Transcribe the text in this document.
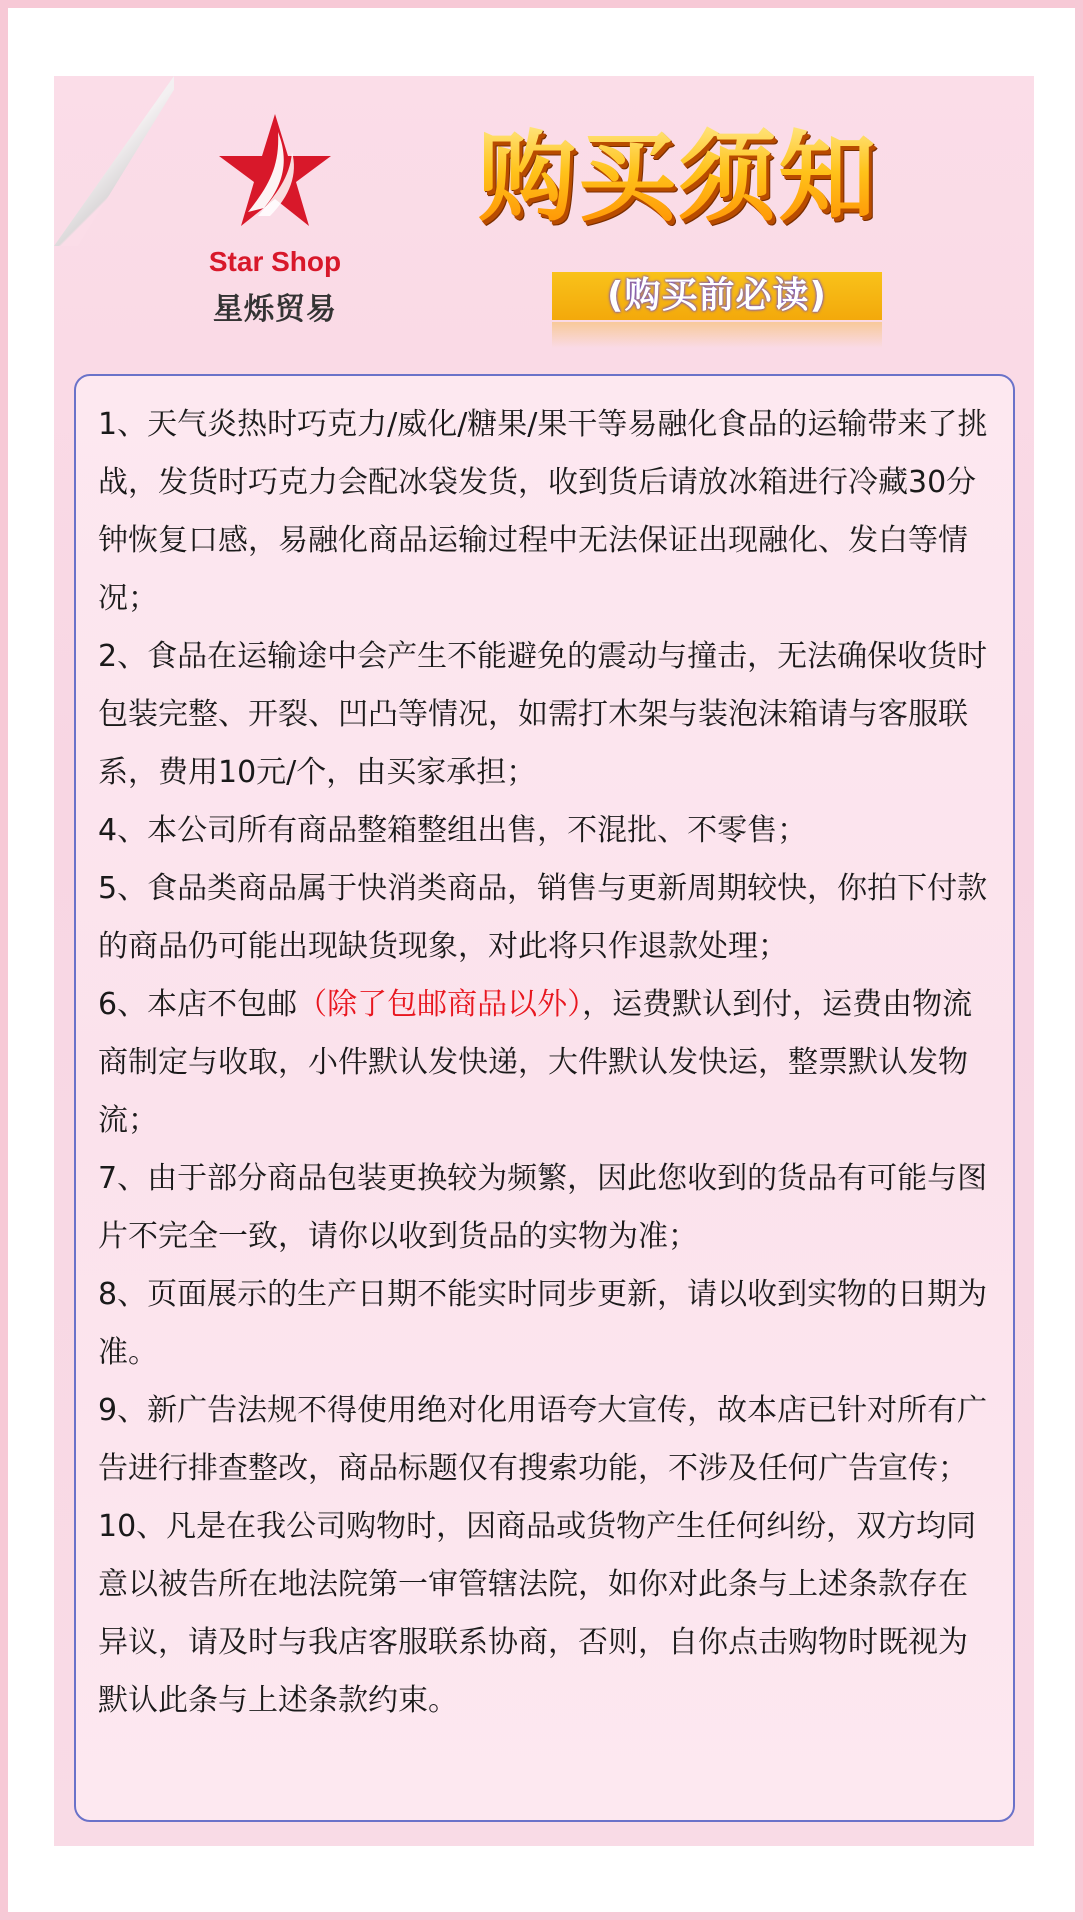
Star Shop
星烁贸易
购买须知
(购买前必读)

1、天气炎热时巧克力/威化/糖果/果干等易融化食品的运输带来了挑战，发货时巧克力会配冰袋发货，收到货后请放冰箱进行冷藏30分钟恢复口感，易融化商品运输过程中无法保证出现融化、发白等情况；

2、食品在运输途中会产生不能避免的震动与撞击，无法确保收货时包装完整、开裂、凹凸等情况，如需打木架与装泡沫箱请与客服联系，费用10元/个，由买家承担；

4、本公司所有商品整箱整组出售，不混批、不零售；

5、食品类商品属于快消类商品，销售与更新周期较快，你拍下付款的商品仍可能出现缺货现象，对此将只作退款处理；

6、本店不包邮（除了包邮商品以外），运费默认到付，运费由物流商制定与收取，小件默认发快递，大件默认发快运，整票默认发物流；

7、由于部分商品包装更换较为频繁，因此您收到的货品有可能与图片不完全一致，请你以收到货品的实物为准；

8、页面展示的生产日期不能实时同步更新，请以收到实物的日期为准。

9、新广告法规不得使用绝对化用语夸大宣传，故本店已针对所有广告进行排查整改，商品标题仅有搜索功能，不涉及任何广告宣传；

10、凡是在我公司购物时，因商品或货物产生任何纠纷，双方均同意以被告所在地法院第一审管辖法院，如你对此条与上述条款存在异议，请及时与我店客服联系协商，否则，自你点击购物时既视为默认此条与上述条款约束。
